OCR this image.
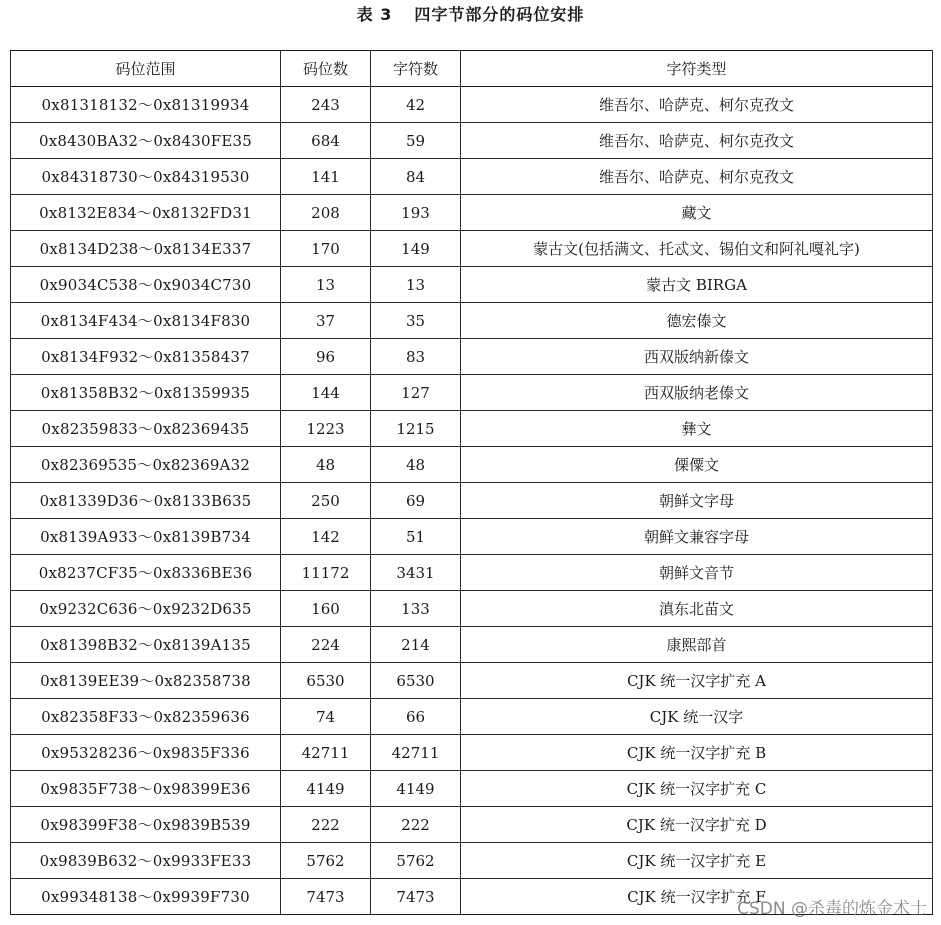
表 3 四字节部分的码位安排
码位范围	码位数	字符数	字符类型
0x81318132～0x81319934	243	42	维吾尔、哈萨克、柯尔克孜文
0x8430BA32～0x8430FE35	684	59	维吾尔、哈萨克、柯尔克孜文
0x84318730～0x84319530	141	84	维吾尔、哈萨克、柯尔克孜文
0x8132E834～0x8132FD31	208	193	藏文
0x8134D238～0x8134E337	170	149	蒙古文(包括满文、托忒文、锡伯文和阿礼嘎礼字)
0x9034C538～0x9034C730	13	13	蒙古文 BIRGA
0x8134F434～0x8134F830	37	35	德宏傣文
0x8134F932～0x81358437	96	83	西双版纳新傣文
0x81358B32～0x81359935	144	127	西双版纳老傣文
0x82359833～0x82369435	1223	1215	彝文
0x82369535～0x82369A32	48	48	傈僳文
0x81339D36～0x8133B635	250	69	朝鲜文字母
0x8139A933～0x8139B734	142	51	朝鲜文兼容字母
0x8237CF35～0x8336BE36	11172	3431	朝鲜文音节
0x9232C636～0x9232D635	160	133	滇东北苗文
0x81398B32～0x8139A135	224	214	康熙部首
0x8139EE39～0x82358738	6530	6530	CJK 统一汉字扩充 A
0x82358F33～0x82359636	74	66	CJK 统一汉字
0x95328236～0x9835F336	42711	42711	CJK 统一汉字扩充 B
0x9835F738～0x98399E36	4149	4149	CJK 统一汉字扩充 C
0x98399F38～0x9839B539	222	222	CJK 统一汉字扩充 D
0x9839B632～0x9933FE33	5762	5762	CJK 统一汉字扩充 E
0x99348138～0x9939F730	7473	7473	CJK 统一汉字扩充 F
CSDN @杀毒的炼金术士
